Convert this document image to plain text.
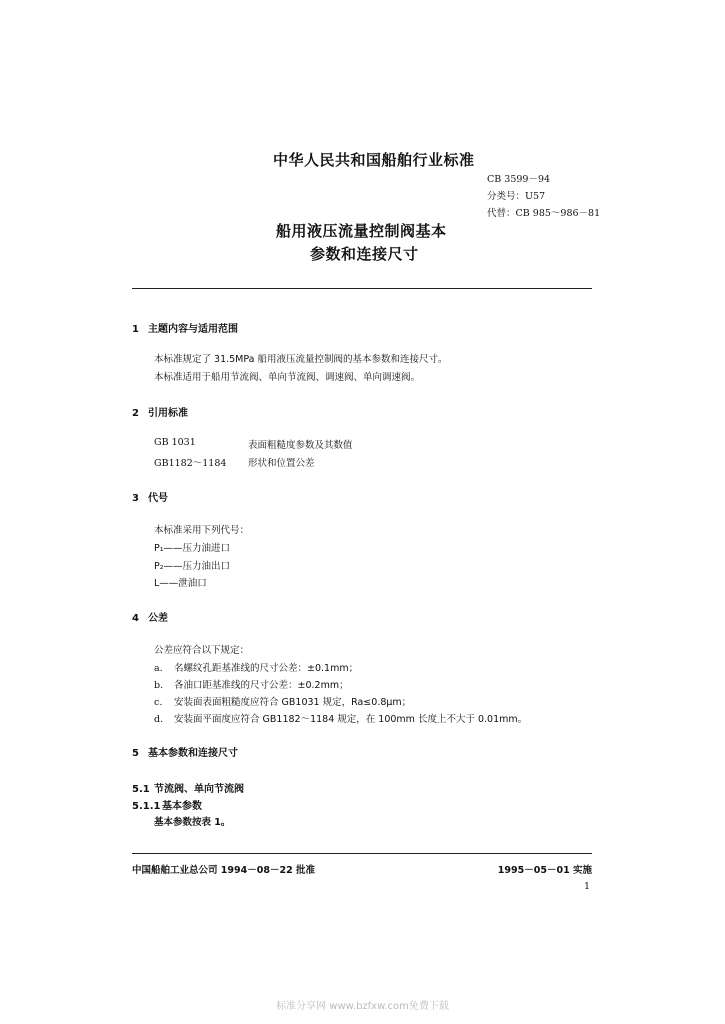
中华人民共和国船舶行业标准
CB 3599－94
分类号：U57
代替：CB 985～986－81
船用液压流量控制阀基本
参数和连接尺寸
1 主题内容与适用范围
本标准规定了 31.5MPa 船用液压流量控制阀的基本参数和连接尺寸。
本标准适用于船用节流阀、单向节流阀、调速阀、单向调速阀。
2 引用标准
GB 1031	表面粗糙度参数及其数值
GB1182～1184 形状和位置公差
3 代号
本标准采用下列代号：
P₁——压力油进口
P₂——压力油出口
L——泄油口
4 公差
公差应符合以下规定：
a. 名螺纹孔距基准线的尺寸公差：±0.1mm；
b. 各油口距基准线的尺寸公差：±0.2mm；
c. 安装面表面粗糙度应符合 GB1031 规定，Ra≤0.8μm；
d. 安装面平面度应符合 GB1182～1184 规定，在 100mm 长度上不大于 0.01mm。
5 基本参数和连接尺寸
5.1 节流阀、单向节流阀
5.1.1 基本参数
基本参数按表 1。
中国船舶工业总公司 1994－08－22 批准	1995－05－01 实施
1
标准分享网 www.bzfxw.com免费下载
